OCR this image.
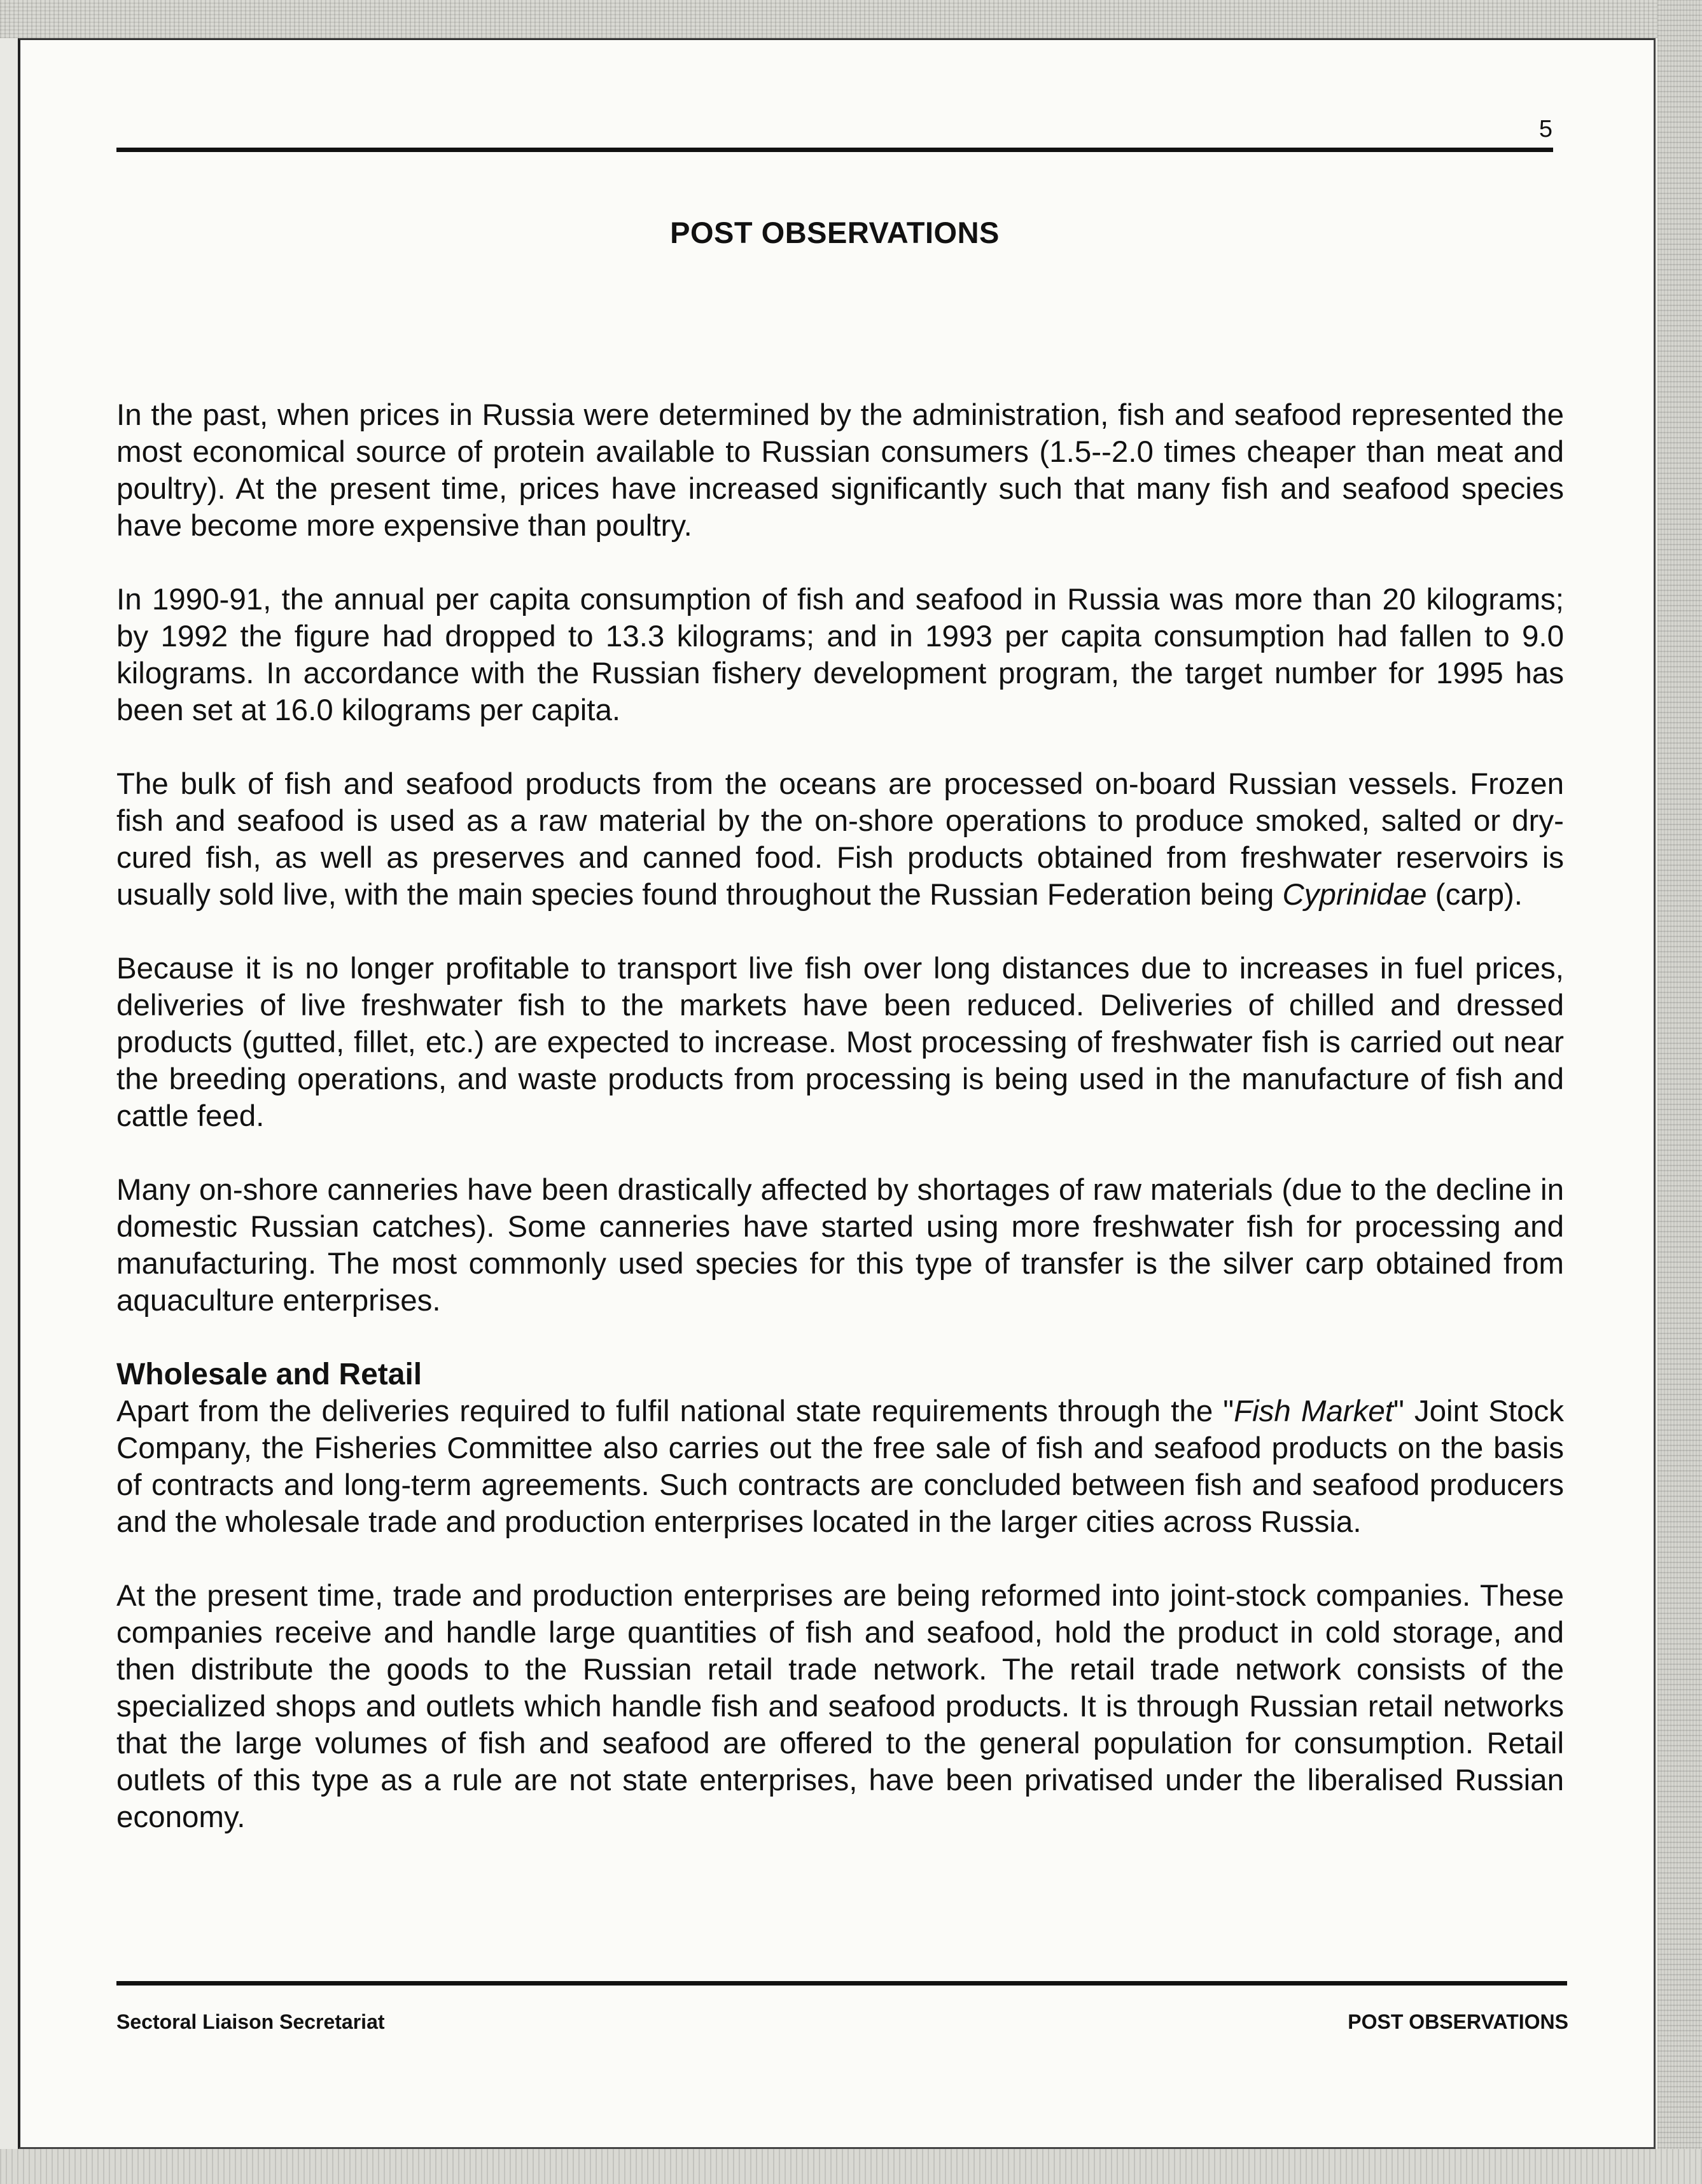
5
POST OBSERVATIONS

In the past, when prices in Russia were determined by the administration, fish and seafood represented the most economical source of protein available to Russian consumers (1.5--2.0 times cheaper than meat and poultry). At the present time, prices have increased significantly such that many fish and seafood species have become more expensive than poultry.

In 1990-91, the annual per capita consumption of fish and seafood in Russia was more than 20 kilograms; by 1992 the figure had dropped to 13.3 kilograms; and in 1993 per capita consumption had fallen to 9.0 kilograms. In accordance with the Russian fishery development program, the target number for 1995 has been set at 16.0 kilograms per capita.

The bulk of fish and seafood products from the oceans are processed on-board Russian vessels. Frozen fish and seafood is used as a raw material by the on-shore operations to produce smoked, salted or dry-cured fish, as well as preserves and canned food. Fish products obtained from freshwater reservoirs is usually sold live, with the main species found throughout the Russian Federation being Cyprinidae (carp).

Because it is no longer profitable to transport live fish over long distances due to increases in fuel prices, deliveries of live freshwater fish to the markets have been reduced. Deliveries of chilled and dressed products (gutted, fillet, etc.) are expected to increase. Most processing of freshwater fish is carried out near the breeding operations, and waste products from processing is being used in the manufacture of fish and cattle feed.

Many on-shore canneries have been drastically affected by shortages of raw materials (due to the decline in domestic Russian catches). Some canneries have started using more freshwater fish for processing and manufacturing. The most commonly used species for this type of transfer is the silver carp obtained from aquaculture enterprises.

Wholesale and Retail

Apart from the deliveries required to fulfil national state requirements through the "Fish Market" Joint Stock Company, the Fisheries Committee also carries out the free sale of fish and seafood products on the basis of contracts and long-term agreements. Such contracts are concluded between fish and seafood producers and the wholesale trade and production enterprises located in the larger cities across Russia.

At the present time, trade and production enterprises are being reformed into joint-stock companies. These companies receive and handle large quantities of fish and seafood, hold the product in cold storage, and then distribute the goods to the Russian retail trade network. The retail trade network consists of the specialized shops and outlets which handle fish and seafood products. It is through Russian retail networks that the large volumes of fish and seafood are offered to the general population for consumption. Retail outlets of this type as a rule are not state enterprises, have been privatised under the liberalised Russian economy.

Sectoral Liaison Secretariat	POST OBSERVATIONS
